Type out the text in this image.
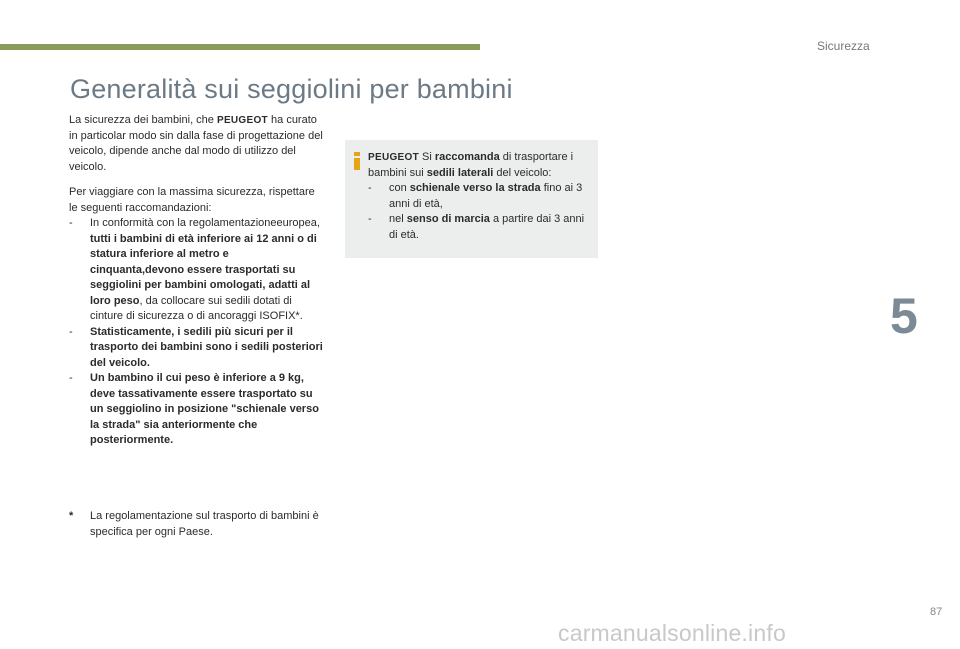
Sicurezza
Generalità sui seggiolini per bambini

La sicurezza dei bambini, che PEUGEOT ha curato in particolar modo sin dalla fase di progettazione del veicolo, dipende anche dal modo di utilizzo del veicolo.

Per viaggiare con la massima sicurezza, rispettare le seguenti raccomandazioni:

- In conformità con la regolamentazioneeuropea, tutti i bambini di età inferiore ai 12 anni o di statura inferiore al metro e cinquanta,devono essere trasportati su seggiolini per bambini omologati, adatti al loro peso, da collocare sui sedili dotati di cinture di sicurezza o di ancoraggi ISOFIX*.
- Statisticamente, i sedili più sicuri per il trasporto dei bambini sono i sedili posteriori del veicolo.
- Un bambino il cui peso è inferiore a 9 kg, deve tassativamente essere trasportato su un seggiolino in posizione "schienale verso la strada" sia anteriormente che posteriormente.
* La regolamentazione sul trasporto di bambini è specifica per ogni Paese.
PEUGEOT Si raccomanda di trasportare i bambini sui sedili laterali del veicolo:
- con schienale verso la strada fino ai 3 anni di età,
- nel senso di marcia a partire dai 3 anni di età.
5
87
carmanualsonline.info
